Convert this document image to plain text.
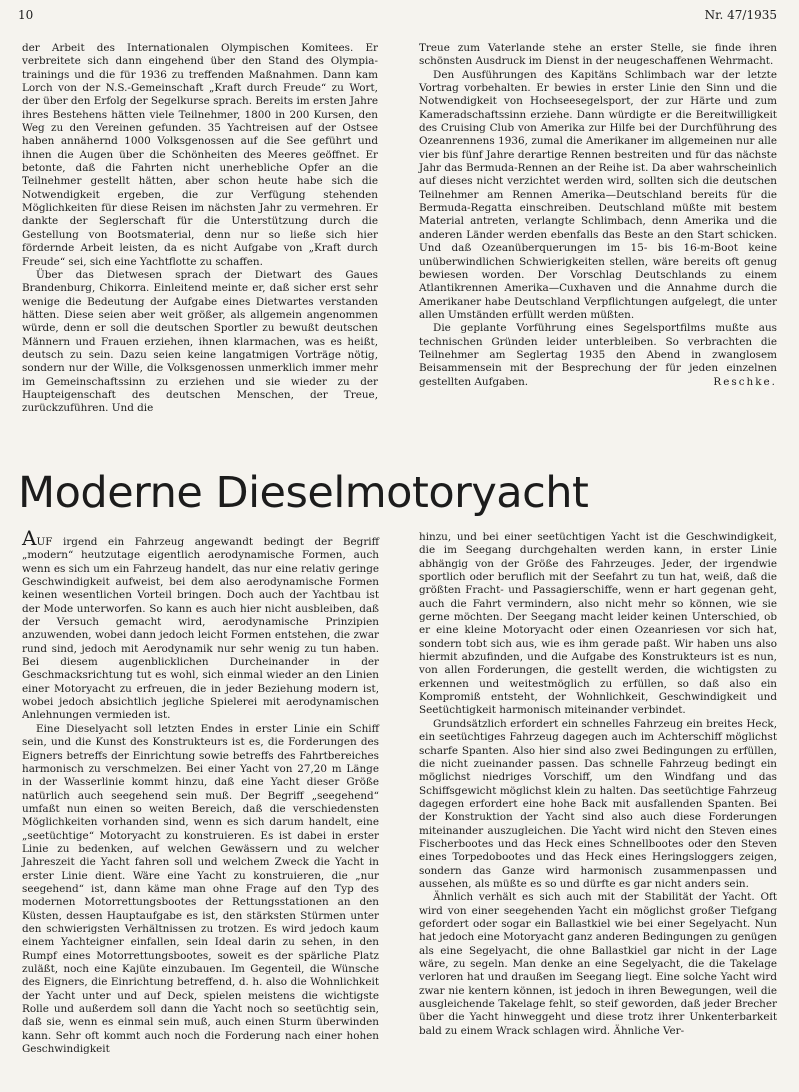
10	Nr. 47/1935

der Arbeit des Internationalen Olympischen Komitees. Er verbreitete sich dann eingehend über den Stand des Olympia-trainings und die für 1936 zu treffenden Maßnahmen. Dann kam Lorch von der N.S.-Gemeinschaft „Kraft durch Freude“ zu Wort, der über den Erfolg der Segelkurse sprach. Bereits im ersten Jahre ihres Bestehens hätten viele Teilnehmer, 1800 in 200 Kursen, den Weg zu den Vereinen gefunden. 35 Yachtreisen auf der Ostsee haben annähernd 1000 Volksgenossen auf die See geführt und ihnen die Augen über die Schönheiten des Meeres geöffnet. Er betonte, daß die Fahrten nicht unerhebliche Opfer an die Teilnehmer gestellt hätten, aber schon heute habe sich die Notwendigkeit ergeben, die zur Verfügung stehenden Möglichkeiten für diese Reisen im nächsten Jahr zu vermehren. Er dankte der Seglerschaft für die Unterstützung durch die Gestellung von Bootsmaterial, denn nur so ließe sich hier fördernde Arbeit leisten, da es nicht Aufgabe von „Kraft durch Freude“ sei, sich eine Yachtflotte zu schaffen.

Über das Dietwesen sprach der Dietwart des Gaues Brandenburg, Chikorra. Einleitend meinte er, daß sicher erst sehr wenige die Bedeutung der Aufgabe eines Dietwartes verstanden hätten. Diese seien aber weit größer, als allgemein angenommen würde, denn er soll die deutschen Sportler zu bewußt deutschen Männern und Frauen erziehen, ihnen klarmachen, was es heißt, deutsch zu sein. Dazu seien keine langatmigen Vorträge nötig, sondern nur der Wille, die Volksgenossen unmerklich immer mehr im Gemeinschaftssinn zu erziehen und sie wieder zu der Haupteigenschaft des deutschen Menschen, der Treue, zurückzuführen. Und die

Treue zum Vaterlande stehe an erster Stelle, sie finde ihren schönsten Ausdruck im Dienst in der neugeschaffenen Wehrmacht.

Den Ausführungen des Kapitäns Schlimbach war der letzte Vortrag vorbehalten. Er bewies in erster Linie den Sinn und die Notwendigkeit von Hochseesegelsport, der zur Härte und zum Kameradschaftssinn erziehe. Dann würdigte er die Bereitwilligkeit des Cruising Club von Amerika zur Hilfe bei der Durchführung des Ozeanrennens 1936, zumal die Amerikaner im allgemeinen nur alle vier bis fünf Jahre derartige Rennen bestreiten und für das nächste Jahr das Bermuda-Rennen an der Reihe ist. Da aber wahrscheinlich auf dieses nicht verzichtet werden wird, sollten sich die deutschen Teilnehmer am Rennen Amerika—Deutschland bereits für die Bermuda-Regatta einschreiben. Deutschland müßte mit bestem Material antreten, verlangte Schlimbach, denn Amerika und die anderen Länder werden ebenfalls das Beste an den Start schicken. Und daß Ozeanüberquerungen im 15- bis 16-m-Boot keine unüberwindlichen Schwierigkeiten stellen, wäre bereits oft genug bewiesen worden. Der Vorschlag Deutschlands zu einem Atlantikrennen Amerika—Cuxhaven und die Annahme durch die Amerikaner habe Deutschland Verpflichtungen aufgelegt, die unter allen Umständen erfüllt werden müßten.

Die geplante Vorführung eines Segelsportfilms mußte aus technischen Gründen leider unterbleiben. So verbrachten die Teilnehmer am Seglertag 1935 den Abend in zwanglosem Beisammensein mit der Besprechung der für jeden einzelnen gestellten Aufgaben.	Reschke.

Moderne Dieselmotoryacht

AUF irgend ein Fahrzeug angewandt bedingt der Begriff „modern“ heutzutage eigentlich aerodynamische Formen, auch wenn es sich um ein Fahrzeug handelt, das nur eine relativ geringe Geschwindigkeit aufweist, bei dem also aerodynamische Formen keinen wesentlichen Vorteil bringen. Doch auch der Yachtbau ist der Mode unterworfen. So kann es auch hier nicht ausbleiben, daß der Versuch gemacht wird, aerodynamische Prinzipien anzuwenden, wobei dann jedoch leicht Formen entstehen, die zwar rund sind, jedoch mit Aerodynamik nur sehr wenig zu tun haben. Bei diesem augenblicklichen Durcheinander in der Geschmacksrichtung tut es wohl, sich einmal wieder an den Linien einer Motoryacht zu erfreuen, die in jeder Beziehung modern ist, wobei jedoch absichtlich jegliche Spielerei mit aerodynamischen Anlehnungen vermieden ist.

Eine Dieselyacht soll letzten Endes in erster Linie ein Schiff sein, und die Kunst des Konstrukteurs ist es, die Forderungen des Eigners betreffs der Einrichtung sowie betreffs des Fahrtbereiches harmonisch zu verschmelzen. Bei einer Yacht von 27,20 m Länge in der Wasserlinie kommt hinzu, daß eine Yacht dieser Größe natürlich auch seegehend sein muß. Der Begriff „seegehend“ umfaßt nun einen so weiten Bereich, daß die verschiedensten Möglichkeiten vorhanden sind, wenn es sich darum handelt, eine „seetüchtige“ Motoryacht zu konstruieren. Es ist dabei in erster Linie zu bedenken, auf welchen Gewässern und zu welcher Jahreszeit die Yacht fahren soll und welchem Zweck die Yacht in erster Linie dient. Wäre eine Yacht zu konstruieren, die „nur seegehend“ ist, dann käme man ohne Frage auf den Typ des modernen Motorrettungsbootes der Rettungsstationen an den Küsten, dessen Hauptaufgabe es ist, den stärksten Stürmen unter den schwierigsten Verhältnissen zu trotzen. Es wird jedoch kaum einem Yachteigner einfallen, sein Ideal darin zu sehen, in den Rumpf eines Motorrettungsbootes, soweit es der spärliche Platz zuläßt, noch eine Kajüte einzubauen. Im Gegenteil, die Wünsche des Eigners, die Einrichtung betreffend, d. h. also die Wohnlichkeit der Yacht unter und auf Deck, spielen meistens die wichtigste Rolle und außerdem soll dann die Yacht noch so seetüchtig sein, daß sie, wenn es einmal sein muß, auch einen Sturm überwinden kann. Sehr oft kommt auch noch die Forderung nach einer hohen Geschwindigkeit

hinzu, und bei einer seetüchtigen Yacht ist die Geschwindigkeit, die im Seegang durchgehalten werden kann, in erster Linie abhängig von der Größe des Fahrzeuges. Jeder, der irgendwie sportlich oder beruflich mit der Seefahrt zu tun hat, weiß, daß die größten Fracht- und Passagierschiffe, wenn er hart gegenan geht, auch die Fahrt vermindern, also nicht mehr so können, wie sie gerne möchten. Der Seegang macht leider keinen Unterschied, ob er eine kleine Motoryacht oder einen Ozeanriesen vor sich hat, sondern tobt sich aus, wie es ihm gerade paßt. Wir haben uns also hiermit abzufinden, und die Aufgabe des Konstrukteurs ist es nun, von allen Forderungen, die gestellt werden, die wichtigsten zu erkennen und weitestmöglich zu erfüllen, so daß also ein Kompromiß entsteht, der Wohnlichkeit, Geschwindigkeit und Seetüchtigkeit harmonisch miteinander verbindet.

Grundsätzlich erfordert ein schnelles Fahrzeug ein breites Heck, ein seetüchtiges Fahrzeug dagegen auch im Achterschiff möglichst scharfe Spanten. Also hier sind also zwei Bedingungen zu erfüllen, die nicht zueinander passen. Das schnelle Fahrzeug bedingt ein möglichst niedriges Vorschiff, um den Windfang und das Schiffsgewicht möglichst klein zu halten. Das seetüchtige Fahrzeug dagegen erfordert eine hohe Back mit ausfallenden Spanten. Bei der Konstruktion der Yacht sind also auch diese Forderungen miteinander auszugleichen. Die Yacht wird nicht den Steven eines Fischerbootes und das Heck eines Schnellbootes oder den Steven eines Torpedobootes und das Heck eines Heringsloggers zeigen, sondern das Ganze wird harmonisch zusammenpassen und aussehen, als müßte es so und dürfte es gar nicht anders sein.

Ähnlich verhält es sich auch mit der Stabilität der Yacht. Oft wird von einer seegehenden Yacht ein möglichst großer Tiefgang gefordert oder sogar ein Ballastkiel wie bei einer Segelyacht. Nun hat jedoch eine Motoryacht ganz anderen Bedingungen zu genügen als eine Segelyacht, die ohne Ballastkiel gar nicht in der Lage wäre, zu segeln. Man denke an eine Segelyacht, die die Takelage verloren hat und draußen im Seegang liegt. Eine solche Yacht wird zwar nie kentern können, ist jedoch in ihren Bewegungen, weil die ausgleichende Takelage fehlt, so steif geworden, daß jeder Brecher über die Yacht hinweggeht und diese trotz ihrer Unkenterbarkeit bald zu einem Wrack schlagen wird. Ähnliche Ver-
